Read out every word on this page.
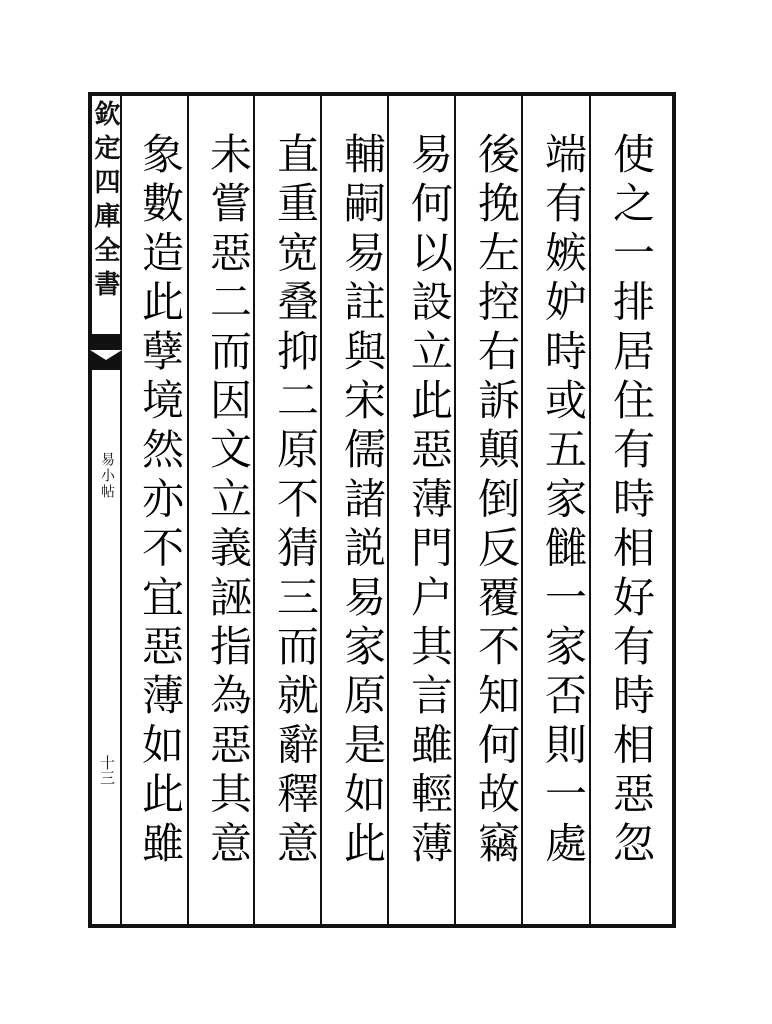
欽定四庫全書
易小帖
十三
使之一排居住有時相好有時相惡忽
端有嫉妒時或五家雠一家否則一處
後挽左控右訴顛倒反覆不知何故竊
易何以設立此惡薄門户其言雖輕薄
輔嗣易註與宋儒諸説易家原是如此
直重宽叠抑二原不猜三而就辭釋意
未嘗惡二而因文立義誣指為惡其意
象數造此孽境然亦不宜惡薄如此雖
